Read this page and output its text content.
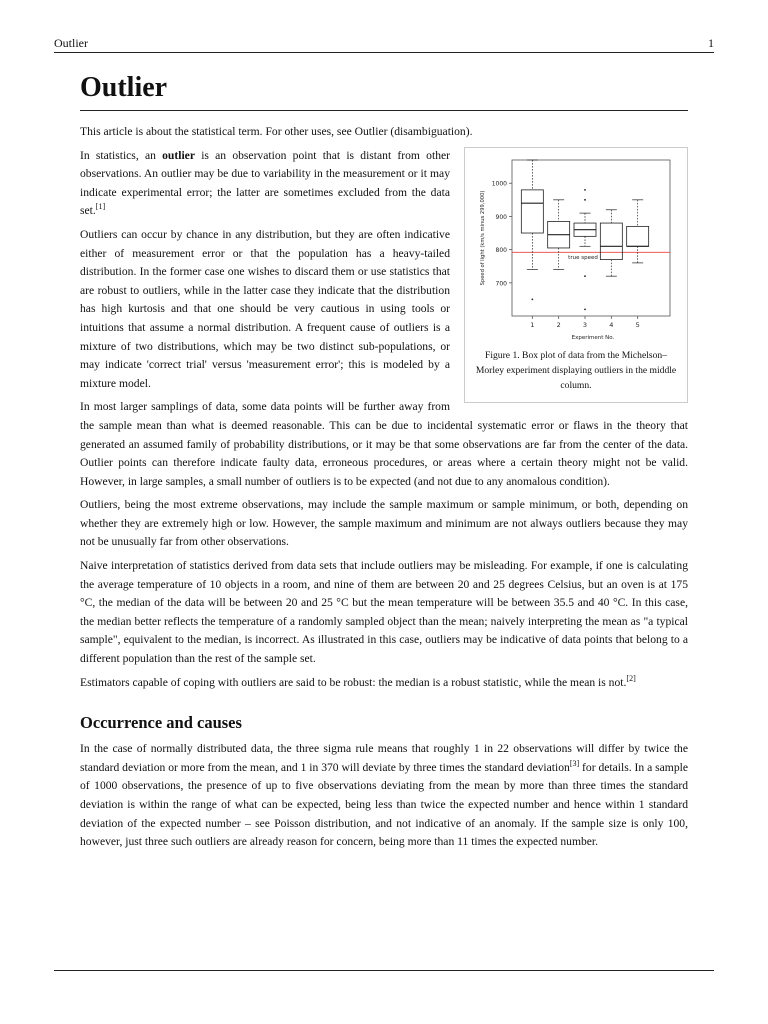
Outlier	1
Outlier

This article is about the statistical term. For other uses, see Outlier (disambiguation).

700
800
900
1000
Speed of light (km/s minus 299,000)
1	2	3	4	5
Experiment No.
true speed
Figure 1. Box plot of data from the Michelson–Morley experiment displaying outliers in the middle column.

In statistics, an outlier is an observation point that is distant from other observations. An outlier may be due to variability in the measurement or it may indicate experimental error; the latter are sometimes excluded from the data set.[1]

Outliers can occur by chance in any distribution, but they are often indicative either of measurement error or that the population has a heavy-tailed distribution. In the former case one wishes to discard them or use statistics that are robust to outliers, while in the latter case they indicate that the distribution has high kurtosis and that one should be very cautious in using tools or intuitions that assume a normal distribution. A frequent cause of outliers is a mixture of two distributions, which may be two distinct sub-populations, or may indicate 'correct trial' versus 'measurement error'; this is modeled by a mixture model.

In most larger samplings of data, some data points will be further away from the sample mean than what is deemed reasonable. This can be due to incidental systematic error or flaws in the theory that generated an assumed family of probability distributions, or it may be that some observations are far from the center of the data. Outlier points can therefore indicate faulty data, erroneous procedures, or areas where a certain theory might not be valid. However, in large samples, a small number of outliers is to be expected (and not due to any anomalous condition).

Outliers, being the most extreme observations, may include the sample maximum or sample minimum, or both, depending on whether they are extremely high or low. However, the sample maximum and minimum are not always outliers because they may not be unusually far from other observations.

Naive interpretation of statistics derived from data sets that include outliers may be misleading. For example, if one is calculating the average temperature of 10 objects in a room, and nine of them are between 20 and 25 degrees Celsius, but an oven is at 175 °C, the median of the data will be between 20 and 25 °C but the mean temperature will be between 35.5 and 40 °C. In this case, the median better reflects the temperature of a randomly sampled object than the mean; naively interpreting the mean as "a typical sample", equivalent to the median, is incorrect. As illustrated in this case, outliers may be indicative of data points that belong to a different population than the rest of the sample set.

Estimators capable of coping with outliers are said to be robust: the median is a robust statistic, while the mean is not.[2]

Occurrence and causes

In the case of normally distributed data, the three sigma rule means that roughly 1 in 22 observations will differ by twice the standard deviation or more from the mean, and 1 in 370 will deviate by three times the standard deviation[3] for details. In a sample of 1000 observations, the presence of up to five observations deviating from the mean by more than three times the standard deviation is within the range of what can be expected, being less than twice the expected number and hence within 1 standard deviation of the expected number – see Poisson distribution, and not indicative of an anomaly. If the sample size is only 100, however, just three such outliers are already reason for concern, being more than 11 times the expected number.
